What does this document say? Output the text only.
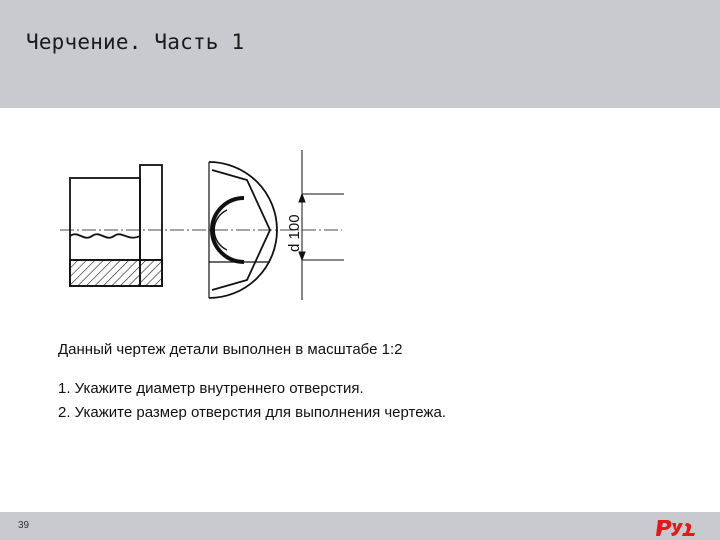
Черчение. Часть 1
d 100
Данный чертеж детали выполнен в масштабе 1:2
1. Укажите диаметр внутреннего отверстия.
2. Укажите размер отверстия для выполнения чертежа.
39
